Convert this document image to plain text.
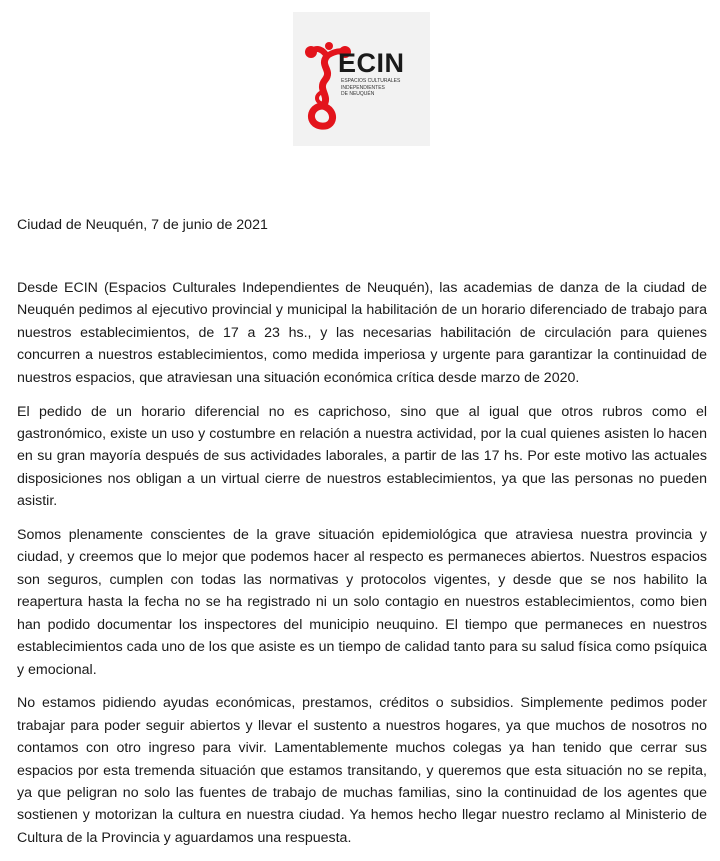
ECIN
ESPACIOS CULTURALES
INDEPENDIENTES
DE NEUQUÉN
Ciudad de Neuquén, 7 de junio de 2021

Desde ECIN (Espacios Culturales Independientes de Neuquén), las academias de danza de la ciudad de Neuquén pedimos al ejecutivo provincial y municipal la habilitación de un horario diferenciado de trabajo para nuestros establecimientos, de 17 a 23 hs., y las necesarias habilitación de circulación para quienes concurren a nuestros establecimientos, como medida imperiosa y urgente para garantizar la continuidad de nuestros espacios, que atraviesan una situación económica crítica desde marzo de 2020.

El pedido de un horario diferencial no es caprichoso, sino que al igual que otros rubros como el gastronómico, existe un uso y costumbre en relación a nuestra actividad, por la cual quienes asisten lo hacen en su gran mayoría después de sus actividades laborales, a partir de las 17 hs. Por este motivo las actuales disposiciones nos obligan a un virtual cierre de nuestros establecimientos, ya que las personas no pueden asistir.

Somos plenamente conscientes de la grave situación epidemiológica que atraviesa nuestra provincia y ciudad, y creemos que lo mejor que podemos hacer al respecto es permaneces abiertos. Nuestros espacios son seguros, cumplen con todas las normativas y protocolos vigentes, y desde que se nos habilito la reapertura hasta la fecha no se ha registrado ni un solo contagio en nuestros establecimientos, como bien han podido documentar los inspectores del municipio neuquino. El tiempo que permaneces en nuestros establecimientos cada uno de los que asiste es un tiempo de calidad tanto para su salud física como psíquica y emocional.

No estamos pidiendo ayudas económicas, prestamos, créditos o subsidios. Simplemente pedimos poder trabajar para poder seguir abiertos y llevar el sustento a nuestros hogares, ya que muchos de nosotros no contamos con otro ingreso para vivir. Lamentablemente muchos colegas ya han tenido que cerrar sus espacios por esta tremenda situación que estamos transitando, y queremos que esta situación no se repita, ya que peligran no solo las fuentes de trabajo de muchas familias, sino la continuidad de los agentes que sostienen y motorizan la cultura en nuestra ciudad. Ya hemos hecho llegar nuestro reclamo al Ministerio de Cultura de la Provincia y aguardamos una respuesta.
